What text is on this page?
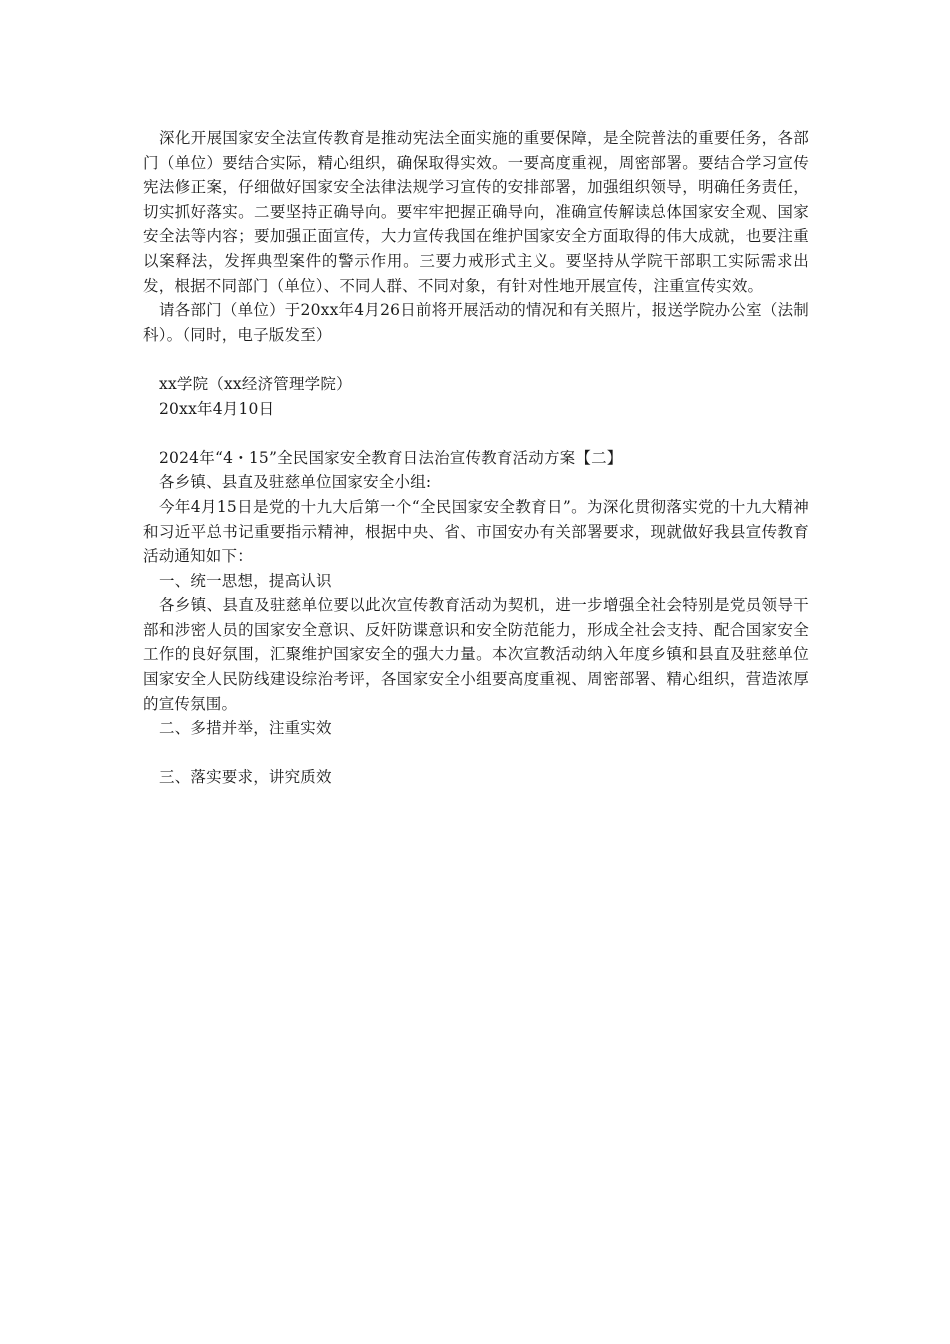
深化开展国家安全法宣传教育是推动宪法全面实施的重要保障，是全院普法的重要任务，各部门（单位）要结合实际，精心组织，确保取得实效。一要高度重视，周密部署。要结合学习宣传宪法修正案，仔细做好国家安全法律法规学习宣传的安排部署，加强组织领导，明确任务责任，切实抓好落实。二要坚持正确导向。要牢牢把握正确导向，准确宣传解读总体国家安全观、国家安全法等内容；要加强正面宣传，大力宣传我国在维护国家安全方面取得的伟大成就，也要注重以案释法，发挥典型案件的警示作用。三要力戒形式主义。要坚持从学院干部职工实际需求出发，根据不同部门（单位）、不同人群、不同对象，有针对性地开展宣传，注重宣传实效。

请各部门（单位）于20xx年4月26日前将开展活动的情况和有关照片，报送学院办公室（法制科）。（同时，电子版发至）

xx学院（xx经济管理学院）

20xx年4月10日

2024年“4・15”全民国家安全教育日法治宣传教育活动方案【二】

各乡镇、县直及驻慈单位国家安全小组:

今年4月15日是党的十九大后第一个“全民国家安全教育日”。为深化贯彻落实党的十九大精神和习近平总书记重要指示精神，根据中央、省、市国安办有关部署要求，现就做好我县宣传教育活动通知如下：

一、统一思想，提高认识

各乡镇、县直及驻慈单位要以此次宣传教育活动为契机，进一步增强全社会特别是党员领导干部和涉密人员的国家安全意识、反奸防谍意识和安全防范能力，形成全社会支持、配合国家安全工作的良好氛围，汇聚维护国家安全的强大力量。本次宣教活动纳入年度乡镇和县直及驻慈单位国家安全人民防线建设综治考评，各国家安全小组要高度重视、周密部署、精心组织，营造浓厚的宣传氛围。

二、多措并举，注重实效

三、落实要求，讲究质效
